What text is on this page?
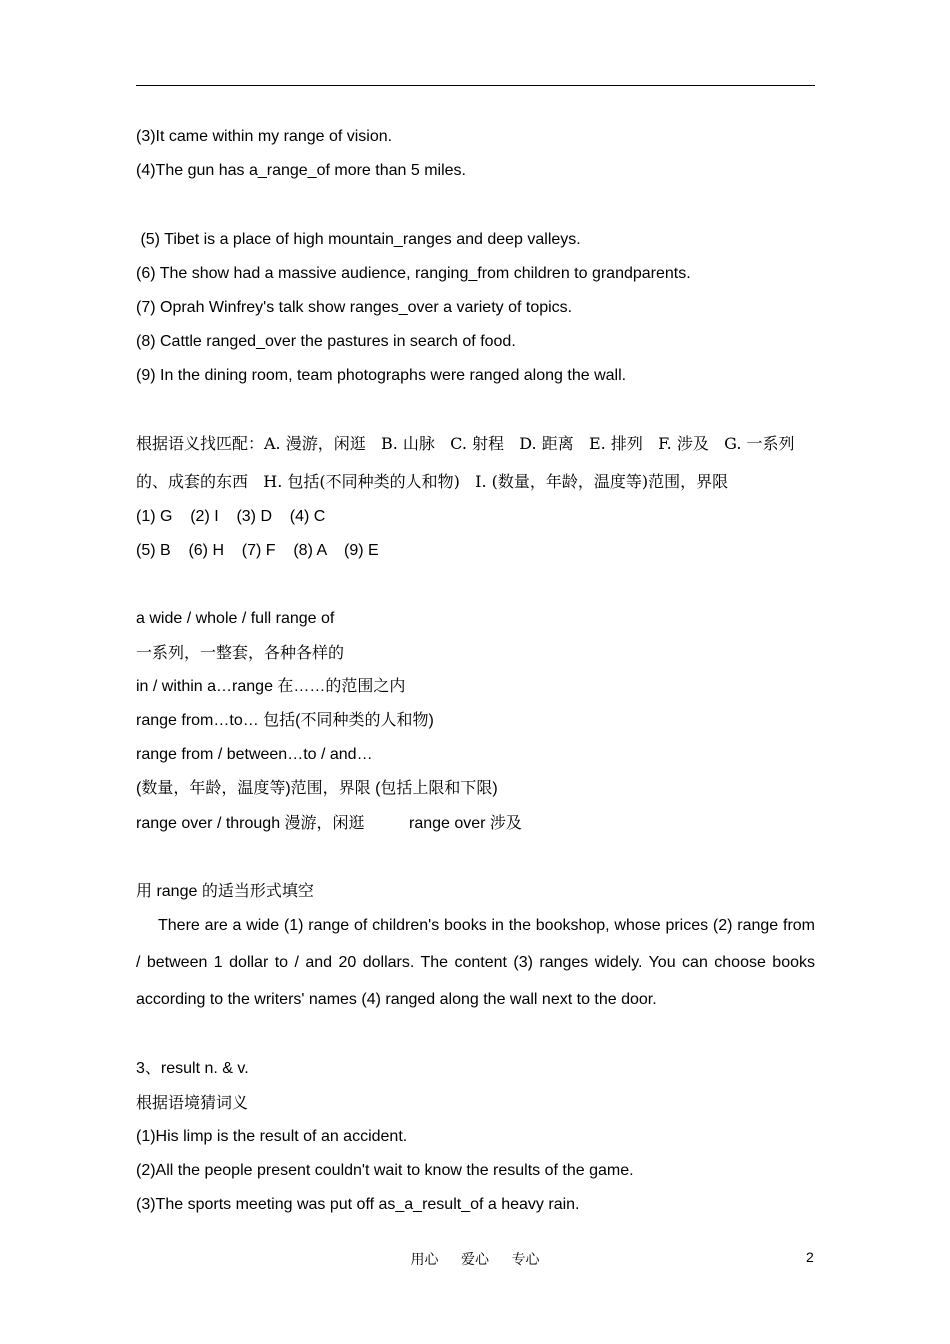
(3)It came within my range of vision.
(4)The gun has a_range_of more than 5 miles.
(5) Tibet is a place of high mountain_ranges and deep valleys.
(6) The show had a massive audience, ranging_from children to grandparents.
(7) Oprah Winfrey's talk show ranges_over a variety of topics.
(8) Cattle ranged_over the pastures in search of food.
(9) In the dining room, team photographs were ranged along the wall.
根据语义找匹配：A. 漫游，闲逛   B. 山脉   C. 射程   D. 距离   E. 排列   F. 涉及   G. 一系列
的、成套的东西   H. 包括(不同种类的人和物)   I. (数量，年龄，温度等)范围，界限
(1) G    (2) I    (3) D    (4) C
(5) B    (6) H    (7) F    (8) A    (9) E
a wide / whole / full range of
一系列，一整套，各种各样的
in / within a…range 在……的范围之内
range from…to… 包括(不同种类的人和物)
range from / between…to / and…
(数量，年龄，温度等)范围，界限 (包括上限和下限)
range over / through 漫游，闲逛          range over 涉及
用 range 的适当形式填空
There are a wide (1) range of children's books in the bookshop, whose prices (2) range from / between 1 dollar to / and 20 dollars. The content (3) ranges widely. You can choose books according to the writers' names (4) ranged along the wall next to the door.
3、result n. & v.
根据语境猜词义
(1)His limp is the result of an accident.
(2)All the people present couldn't wait to know the results of the game.
(3)The sports meeting was put off as_a_result_of a heavy rain.
用心 爱心 专心	2
